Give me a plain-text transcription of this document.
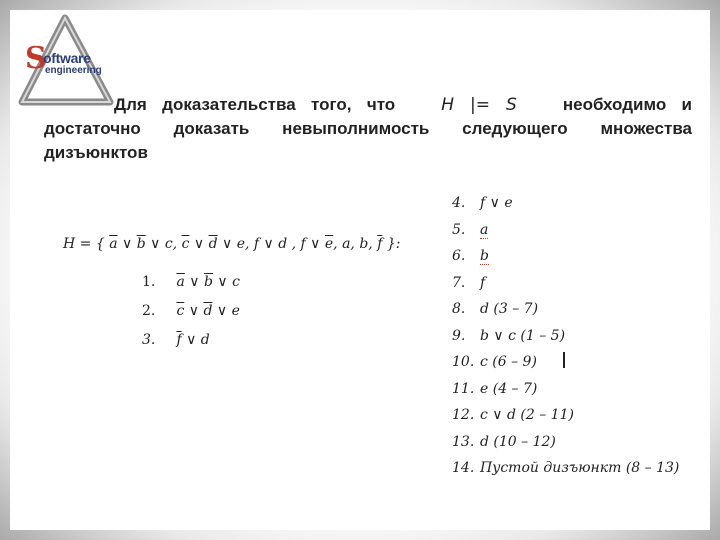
S
oftware
engineering
Для доказательства того, что	H |= S	необходимо и
достаточно доказать невыполнимость следующего множества
дизъюнктов
H = { $\overline{a}$ ∨ $\overline{b}$ ∨ c, $\overline{c}$ ∨ $\overline{d}$ ∨ e, f ∨ d , f ∨ $\overline{e}$, a, b, $\overline{f}$ }:
1. $\overline{a}$ ∨ $\overline{b}$ ∨ c
2. $\overline{c}$ ∨ $\overline{d}$ ∨ e
3. $\overline{f}$ ∨ d
4. f ∨ e
5. a
6. b
7. f
8. d (3 – 7)
9. b ∨ c (1 – 5)
10. c (6 – 9)
11. e (4 – 7)
12. c ∨ d (2 – 11)
13. d (10 – 12)
14. Пустой дизъюнкт (8 – 13)
